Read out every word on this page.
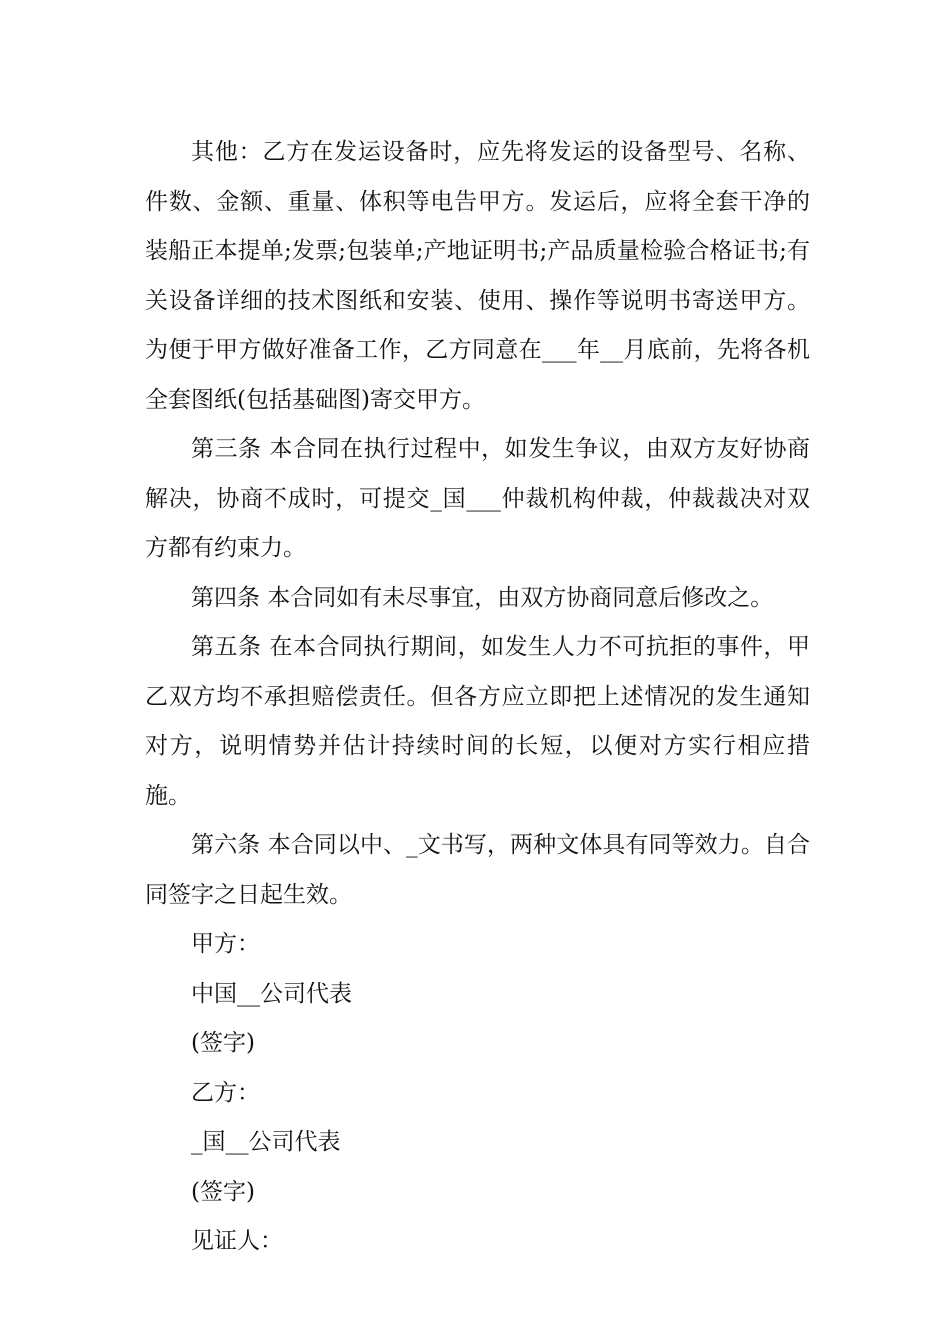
其他：乙方在发运设备时，应先将发运的设备型号、名称、件数、金额、重量、体积等电告甲方。发运后，应将全套干净的装船正本提单;发票;包装单;产地证明书;产品质量检验合格证书;有关设备详细的技术图纸和安装、使用、操作等说明书寄送甲方。为便于甲方做好准备工作，乙方同意在___年__月底前，先将各机全套图纸(包括基础图)寄交甲方。

第三条 本合同在执行过程中，如发生争议，由双方友好协商解决，协商不成时，可提交_国___仲裁机构仲裁，仲裁裁决对双方都有约束力。

第四条 本合同如有未尽事宜，由双方协商同意后修改之。

第五条 在本合同执行期间，如发生人力不可抗拒的事件，甲乙双方均不承担赔偿责任。但各方应立即把上述情况的发生通知对方，说明情势并估计持续时间的长短，以便对方实行相应措施。

第六条 本合同以中、_文书写，两种文体具有同等效力。自合同签字之日起生效。

甲方：

中国__公司代表

(签字)

乙方：

_国__公司代表

(签字)

见证人：
